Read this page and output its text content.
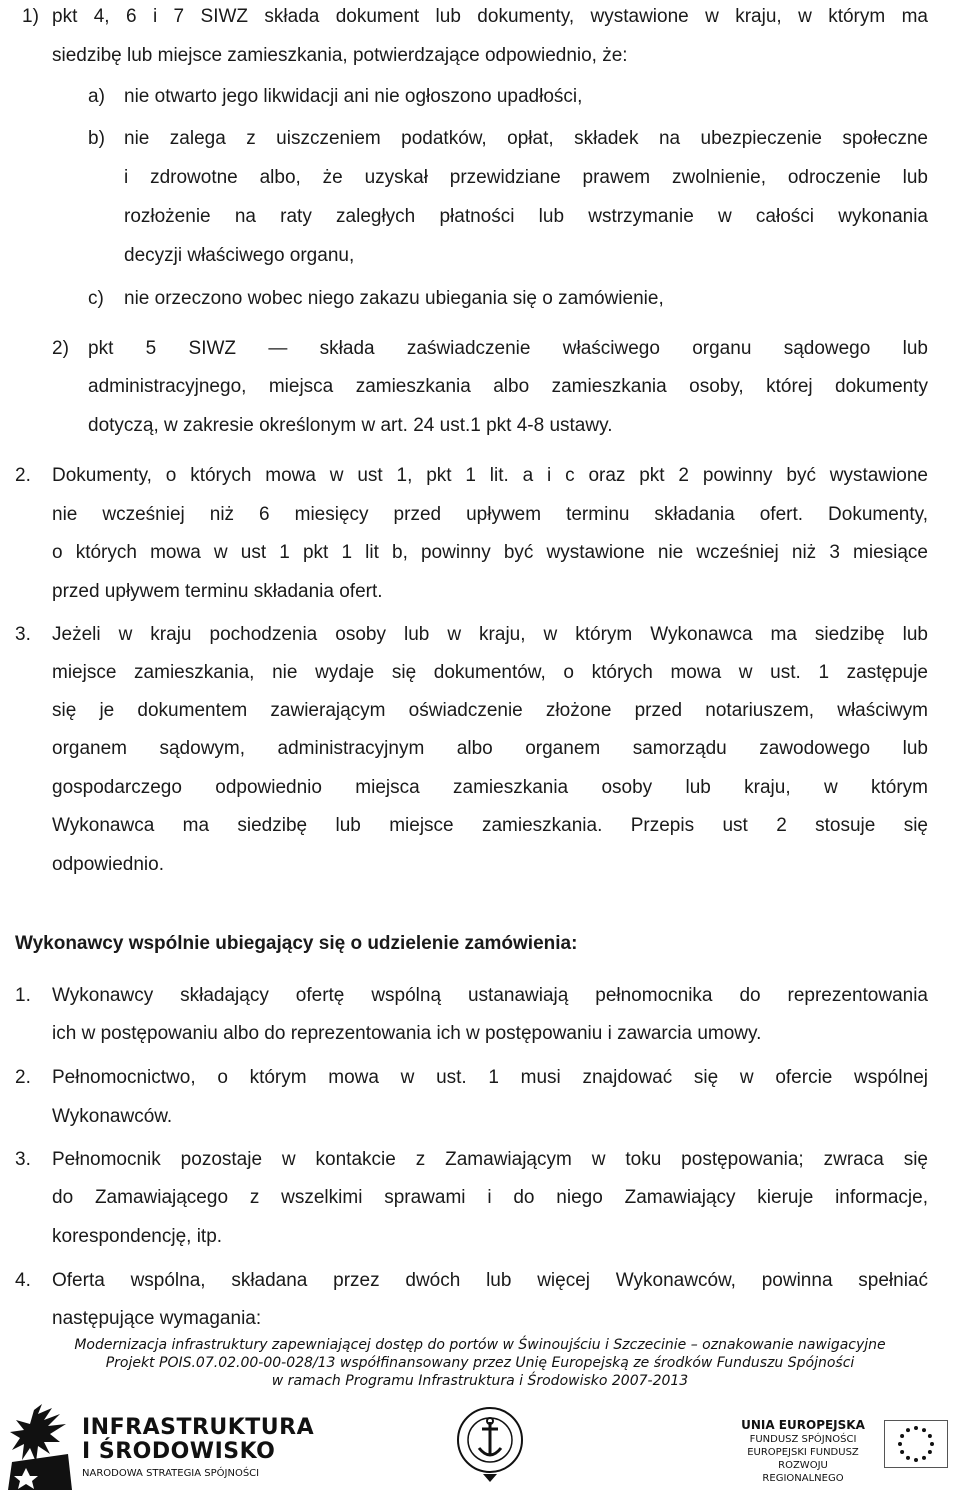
1) pkt 4, 6 i 7 SIWZ składa dokument lub dokumenty, wystawione w kraju, w którym ma
siedzibę lub miejsce zamieszkania, potwierdzające odpowiednio, że:
a) nie otwarto jego likwidacji ani nie ogłoszono upadłości,
b) nie zalega z uiszczeniem podatków, opłat, składek na ubezpieczenie społeczne
i zdrowotne albo, że uzyskał przewidziane prawem zwolnienie, odroczenie lub
rozłożenie na raty zaległych płatności lub wstrzymanie w całości wykonania
decyzji właściwego organu,
c) nie orzeczono wobec niego zakazu ubiegania się o zamówienie,
2) pkt 5 SIWZ — składa zaświadczenie właściwego organu sądowego lub
administracyjnego, miejsca zamieszkania albo zamieszkania osoby, której dokumenty
dotyczą, w zakresie określonym w art. 24 ust.1 pkt 4-8 ustawy.
2. Dokumenty, o których mowa w ust 1, pkt 1 lit. a i c oraz pkt 2 powinny być wystawione
nie wcześniej niż 6 miesięcy przed upływem terminu składania ofert. Dokumenty,
o których mowa w ust 1 pkt 1 lit b, powinny być wystawione nie wcześniej niż 3 miesiące
przed upływem terminu składania ofert.
3. Jeżeli w kraju pochodzenia osoby lub w kraju, w którym Wykonawca ma siedzibę lub
miejsce zamieszkania, nie wydaje się dokumentów, o których mowa w ust. 1 zastępuje
się je dokumentem zawierającym oświadczenie złożone przed notariuszem, właściwym
organem sądowym, administracyjnym albo organem samorządu zawodowego lub
gospodarczego odpowiednio miejsca zamieszkania osoby lub kraju, w którym
Wykonawca ma siedzibę lub miejsce zamieszkania. Przepis ust 2 stosuje się
odpowiednio.
Wykonawcy wspólnie ubiegający się o udzielenie zamówienia:
1. Wykonawcy składający ofertę wspólną ustanawiają pełnomocnika do reprezentowania
ich w postępowaniu albo do reprezentowania ich w postępowaniu i zawarcia umowy.
2. Pełnomocnictwo, o którym mowa w ust. 1 musi znajdować się w ofercie wspólnej
Wykonawców.
3. Pełnomocnik pozostaje w kontakcie z Zamawiającym w toku postępowania; zwraca się
do Zamawiającego z wszelkimi sprawami i do niego Zamawiający kieruje informacje,
korespondencję, itp.
4. Oferta wspólna, składana przez dwóch lub więcej Wykonawców, powinna spełniać
następujące wymagania:
Modernizacja infrastruktury zapewniającej dostęp do portów w Świnoujściu i Szczecinie – oznakowanie nawigacyjne
Projekt POIS.07.02.00-00-028/13 współfinansowany przez Unię Europejską ze środków Funduszu Spójności
w ramach Programu Infrastruktura i Środowisko 2007-2013
INFRASTRUKTURA
I ŚRODOWISKO
NARODOWA STRATEGIA SPÓJNOŚCI
UNIA EUROPEJSKA
FUNDUSZ SPÓJNOŚCI
EUROPEJSKI FUNDUSZ
ROZWOJU REGIONALNEGO
